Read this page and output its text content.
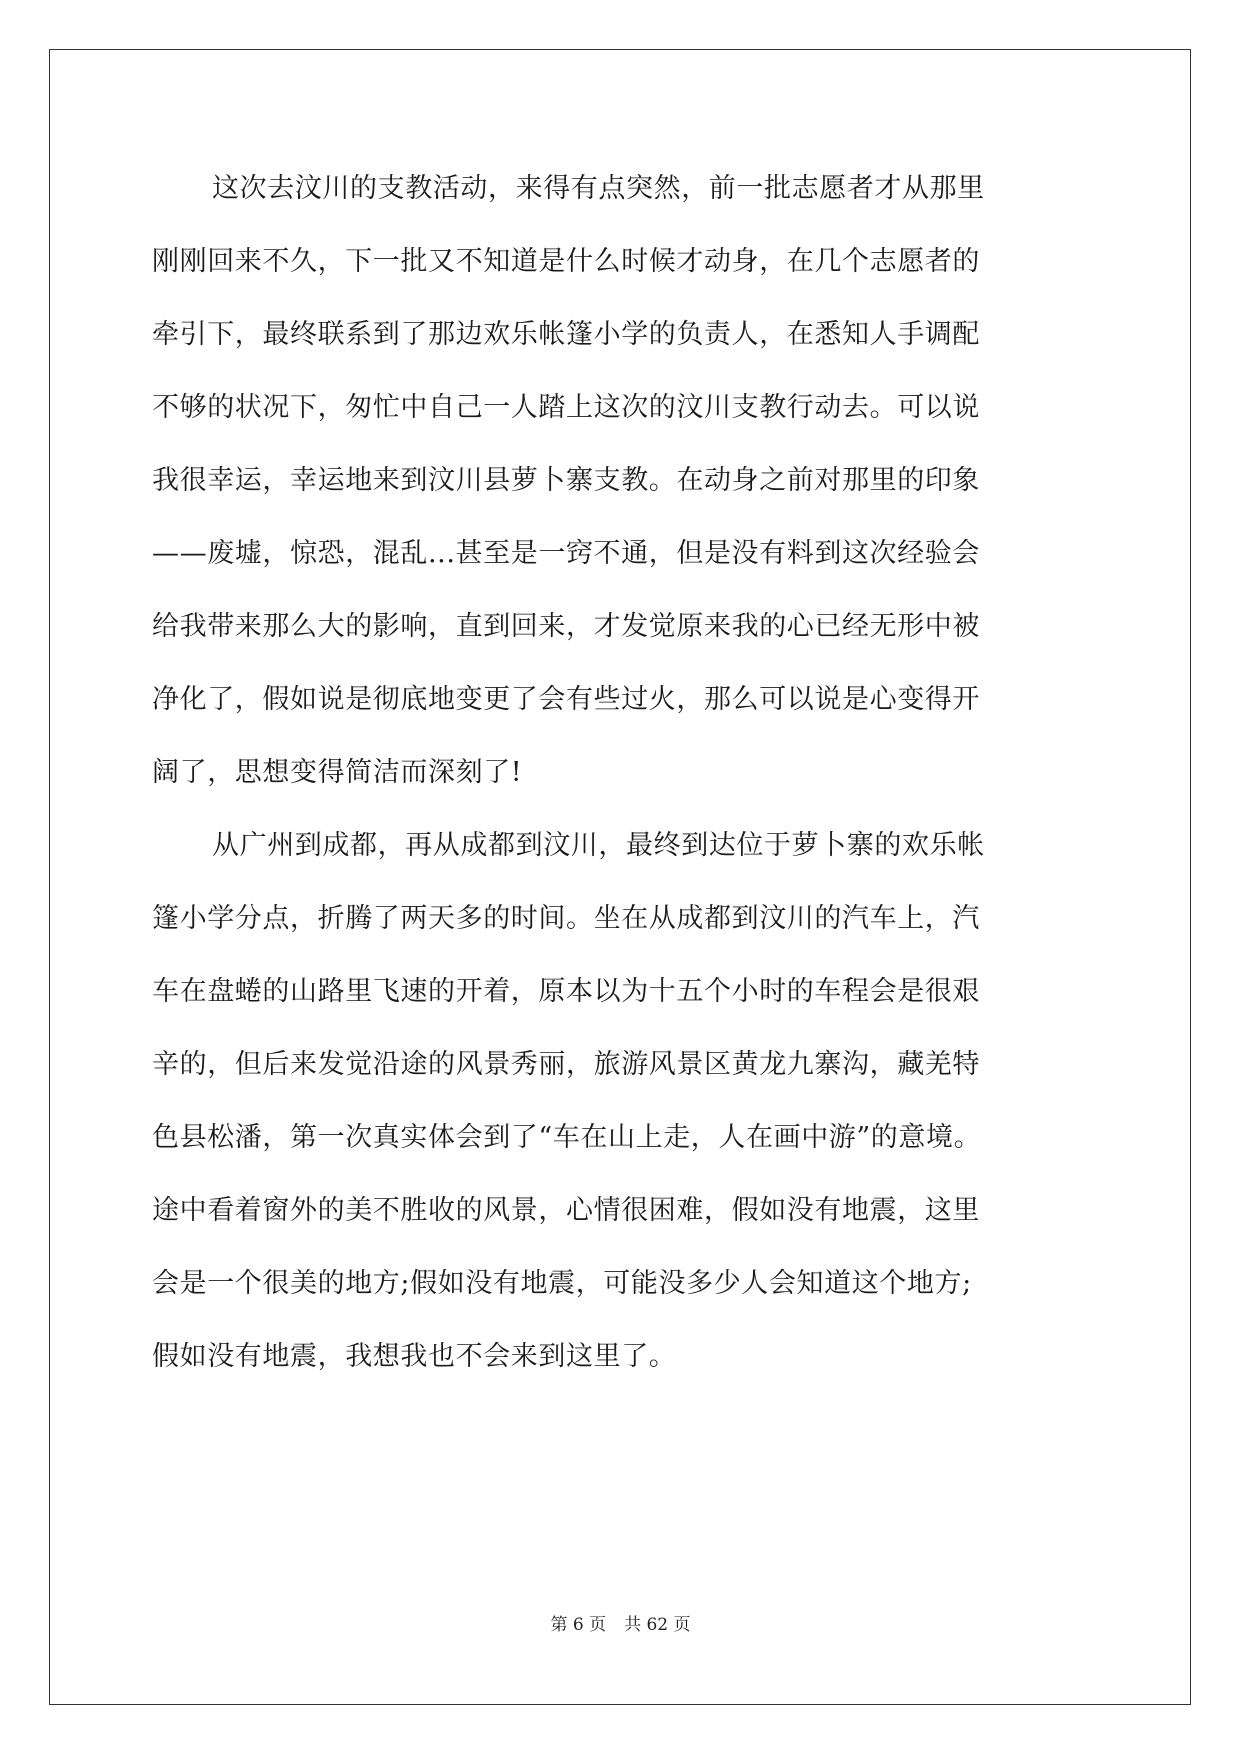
这次去汶川的支教活动，来得有点突然，前一批志愿者才从那里
刚刚回来不久，下一批又不知道是什么时候才动身，在几个志愿者的
牵引下，最终联系到了那边欢乐帐篷小学的负责人，在悉知人手调配
不够的状况下，匆忙中自己一人踏上这次的汶川支教行动去。可以说
我很幸运，幸运地来到汶川县萝卜寨支教。在动身之前对那里的印象
——废墟，惊恐，混乱...甚至是一窍不通，但是没有料到这次经验会
给我带来那么大的影响，直到回来，才发觉原来我的心已经无形中被
净化了，假如说是彻底地变更了会有些过火，那么可以说是心变得开
阔了，思想变得简洁而深刻了!
从广州到成都，再从成都到汶川，最终到达位于萝卜寨的欢乐帐
篷小学分点，折腾了两天多的时间。坐在从成都到汶川的汽车上，汽
车在盘蜷的山路里飞速的开着，原本以为十五个小时的车程会是很艰
辛的，但后来发觉沿途的风景秀丽，旅游风景区黄龙九寨沟，藏羌特
色县松潘，第一次真实体会到了“车在山上走，人在画中游”的意境。
途中看着窗外的美不胜收的风景，心情很困难，假如没有地震，这里
会是一个很美的地方;假如没有地震，可能没多少人会知道这个地方;
假如没有地震，我想我也不会来到这里了。
第 6 页 共 62 页
